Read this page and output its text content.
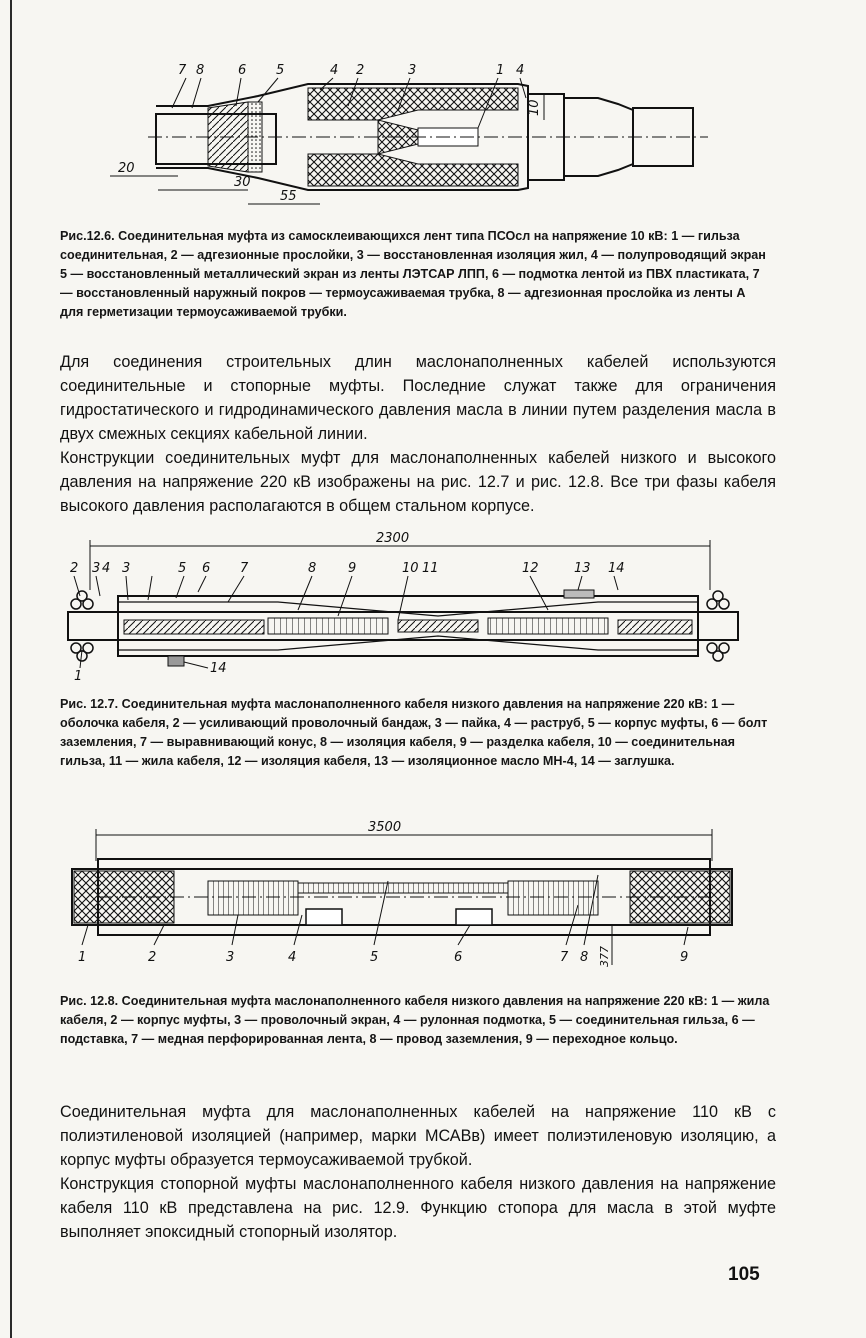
7 8	6 5	4 2	3	1 4
20
30
55
10
Рис.12.6. Соединительная муфта из самосклеивающихся лент типа ПСОсл на напряжение 10 кВ: 1 — гильза соединительная, 2 — адгезионные прослойки, 3 — восстановленная изоляция жил, 4 — полупроводящий экран 5 — восстановленный металлический экран из ленты ЛЭТСАР ЛПП, 6 — подмотка лентой из ПВХ пластиката, 7 — восстановленный наружный покров — термоусаживаемая трубка, 8 — адгезионная прослойка из ленты А для герметизации термоусаживаемой трубки.

Для соединения строительных длин маслонаполненных кабелей используются соединительные и стопорные муфты. Последние служат также для ограничения гидростатического и гидродинамического давления масла в линии путем разделения масла в двух смежных секциях кабельной линии.

Конструкции соединительных муфт для маслонаполненных кабелей низкого и высокого давления на напряжение 220 кВ изображены на рис. 12.7 и рис. 12.8. Все три фазы кабеля высокого давления располагаются в общем стальном корпусе.

2300
2 3 4 3	5 6 7	8 9	10 11	12	13 14
1
14
Рис. 12.7. Соединительная муфта маслонаполненного кабеля низкого давления на напряжение 220 кВ: 1 — оболочка кабеля, 2 — усиливающий проволочный бандаж, 3 — пайка, 4 — раструб, 5 — корпус муфты, 6 — болт заземления, 7 — выравнивающий конус, 8 — изоляция кабеля, 9 — разделка кабеля, 10 — соединительная гильза, 11 — жила кабеля, 12 — изоляция кабеля, 13 — изоляционное масло МН-4, 14 — заглушка.
3500
1	2	3	4	5	6	7 8 377	9
Рис. 12.8. Соединительная муфта маслонаполненного кабеля низкого давления на напряжение 220 кВ: 1 — жила кабеля, 2 — корпус муфты, 3 — проволочный экран, 4 — рулонная подмотка, 5 — соединительная гильза, 6 — подставка, 7 — медная перфорированная лента, 8 — провод заземления, 9 — переходное кольцо.

Соединительная муфта для маслонаполненных кабелей на напряжение 110 кВ с полиэтиленовой изоляцией (например, марки МСАВв) имеет полиэтиленовую изоляцию, а корпус муфты образуется термоусаживаемой трубкой.

Конструкция стопорной муфты маслонаполненного кабеля низкого давления на напряжение кабеля 110 кВ представлена на рис. 12.9. Функцию стопора для масла в этой муфте выполняет эпоксидный стопорный изолятор.

105
